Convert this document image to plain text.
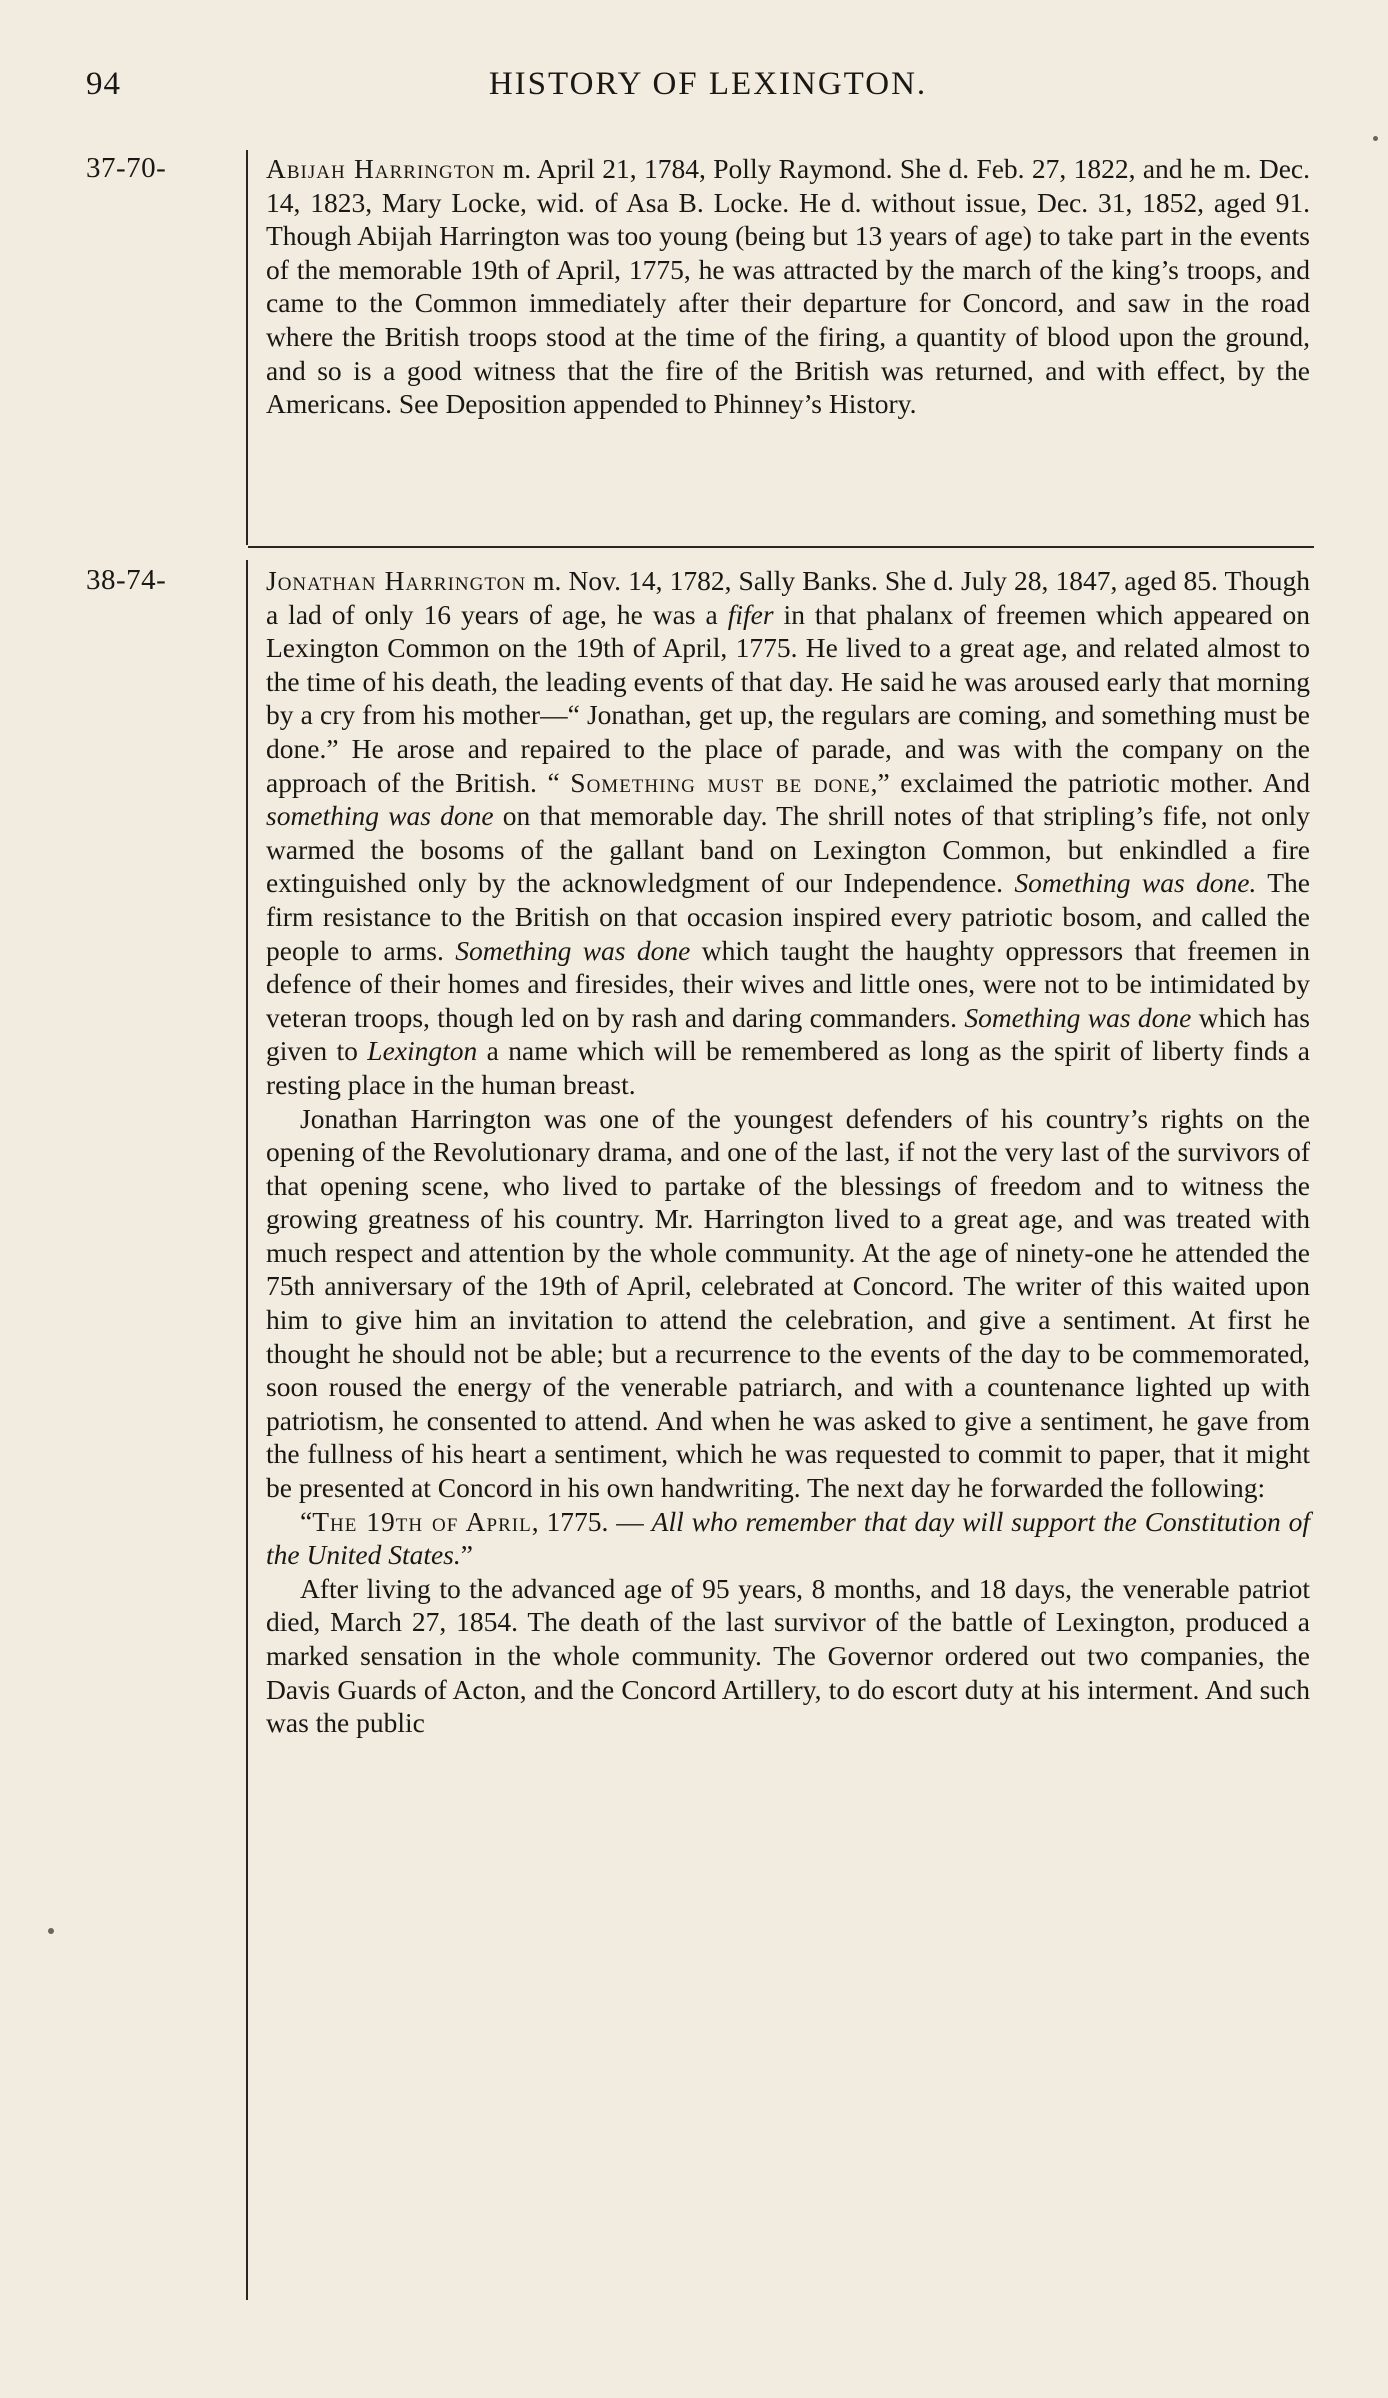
94	HISTORY OF LEXINGTON.
37-70-	Abijah Harrington m. April 21, 1784, Polly Raymond. She d. Feb. 27, 1822, and he m. Dec. 14, 1823, Mary Locke, wid. of Asa B. Locke. He d. without issue, Dec. 31, 1852, aged 91. Though Abijah Harrington was too young (being but 13 years of age) to take part in the events of the memorable 19th of April, 1775, he was attracted by the march of the king’s troops, and came to the Common immediately after their departure for Concord, and saw in the road where the British troops stood at the time of the firing, a quantity of blood upon the ground, and so is a good witness that the fire of the British was returned, and with effect, by the Americans. See Deposition appended to Phinney’s History.

38-74-	Jonathan Harrington m. Nov. 14, 1782, Sally Banks. She d. July 28, 1847, aged 85. Though a lad of only 16 years of age, he was a fifer in that phalanx of freemen which appeared on Lexington Common on the 19th of April, 1775. He lived to a great age, and related almost to the time of his death, the leading events of that day. He said he was aroused early that morning by a cry from his mother—“ Jonathan, get up, the regulars are coming, and something must be done.” He arose and repaired to the place of parade, and was with the company on the approach of the British. “ Something must be done,” exclaimed the patriotic mother. And something was done on that memorable day. The shrill notes of that stripling’s fife, not only warmed the bosoms of the gallant band on Lexington Common, but enkindled a fire extinguished only by the acknowledgment of our Independence. Something was done. The firm resistance to the British on that occasion inspired every patriotic bosom, and called the people to arms. Something was done which taught the haughty oppressors that freemen in defence of their homes and firesides, their wives and little ones, were not to be intimidated by veteran troops, though led on by rash and daring commanders. Something was done which has given to Lexington a name which will be remembered as long as the spirit of liberty finds a resting place in the human breast.

Jonathan Harrington was one of the youngest defenders of his country’s rights on the opening of the Revolutionary drama, and one of the last, if not the very last of the survivors of that opening scene, who lived to partake of the blessings of freedom and to witness the growing greatness of his country. Mr. Harrington lived to a great age, and was treated with much respect and attention by the whole community. At the age of ninety-one he attended the 75th anniversary of the 19th of April, celebrated at Concord. The writer of this waited upon him to give him an invitation to attend the celebration, and give a sentiment. At first he thought he should not be able; but a recurrence to the events of the day to be commemorated, soon roused the energy of the venerable patriarch, and with a countenance lighted up with patriotism, he consented to attend. And when he was asked to give a sentiment, he gave from the fullness of his heart a sentiment, which he was requested to commit to paper, that it might be presented at Concord in his own handwriting. The next day he forwarded the following:

“The 19th of April, 1775. — All who remember that day will support the Constitution of the United States.”

After living to the advanced age of 95 years, 8 months, and 18 days, the venerable patriot died, March 27, 1854. The death of the last survivor of the battle of Lexington, produced a marked sensation in the whole community. The Governor ordered out two companies, the Davis Guards of Acton, and the Concord Artillery, to do escort duty at his interment. And such was the public
